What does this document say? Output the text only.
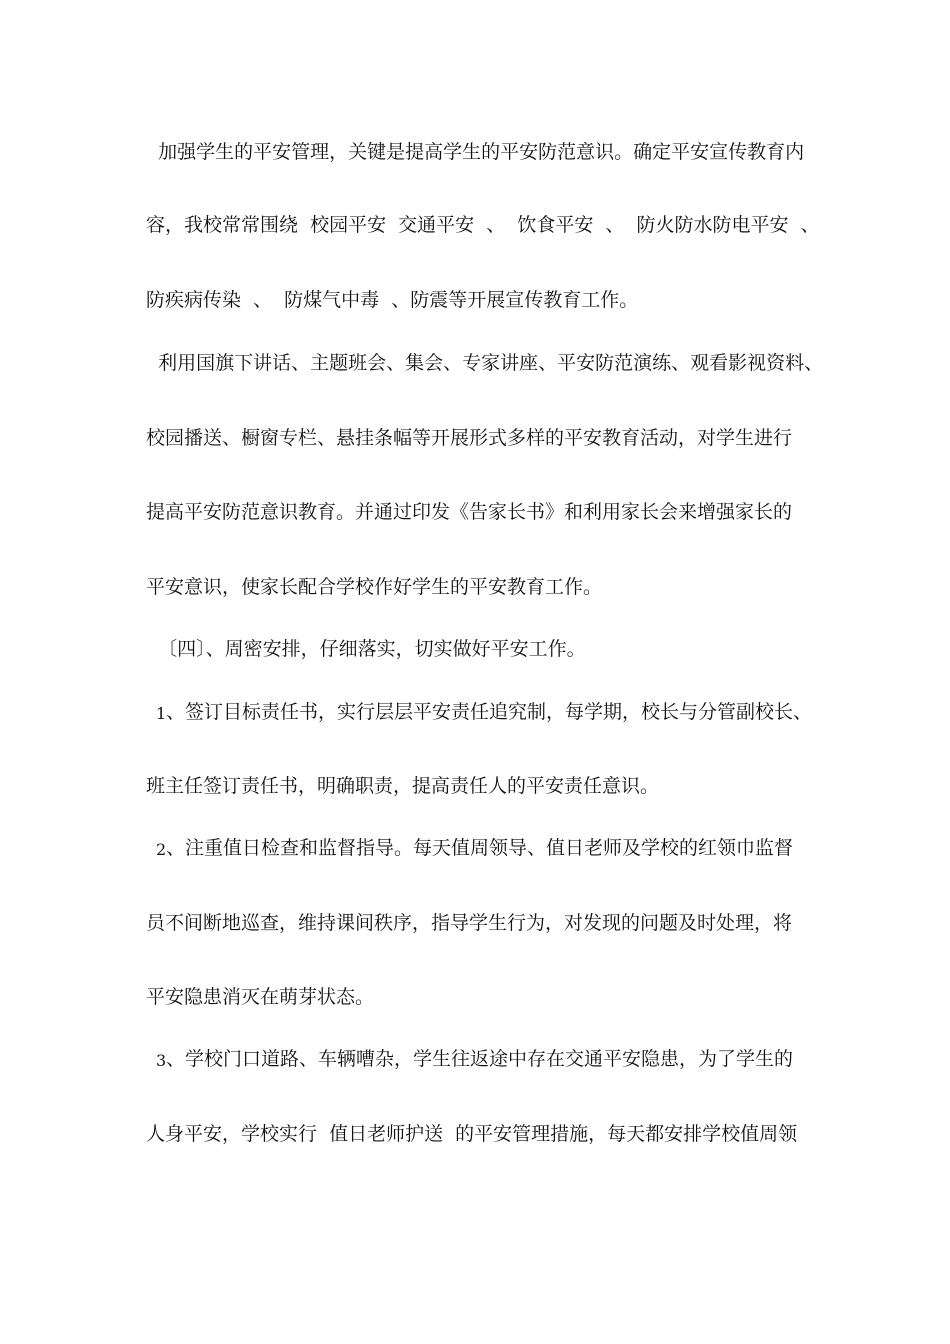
加强学生的平安管理，关键是提高学生的平安防范意识。确定平安宣传教育内
容，我校常常围绕  校园平安  交通平安  、  饮食平安  、  防火防水防电平安  、
防疾病传染  、  防煤气中毒  、防震等开展宣传教育工作。
利用国旗下讲话、主题班会、集会、专家讲座、平安防范演练、观看影视资料、
校园播送、橱窗专栏、悬挂条幅等开展形式多样的平安教育活动，对学生进行
提高平安防范意识教育。并通过印发《告家长书》和利用家长会来增强家长的
平安意识，使家长配合学校作好学生的平安教育工作。
〔四〕、周密安排，仔细落实，切实做好平安工作。
1 、签订目标责任书，实行层层平安责任追究制，每学期，校长与分管副校长、
班主任签订责任书，明确职责，提高责任人的平安责任意识。
2 、注重值日检查和监督指导。每天值周领导、值日老师及学校的红领巾监督
员不间断地巡查，维持课间秩序，指导学生行为，对发现的问题及时处理，将
平安隐患消灭在萌芽状态。
3 、学校门口道路、车辆嘈杂，学生往返途中存在交通平安隐患，为了学生的
人身平安，学校实行  值日老师护送  的平安管理措施，每天都安排学校值周领
